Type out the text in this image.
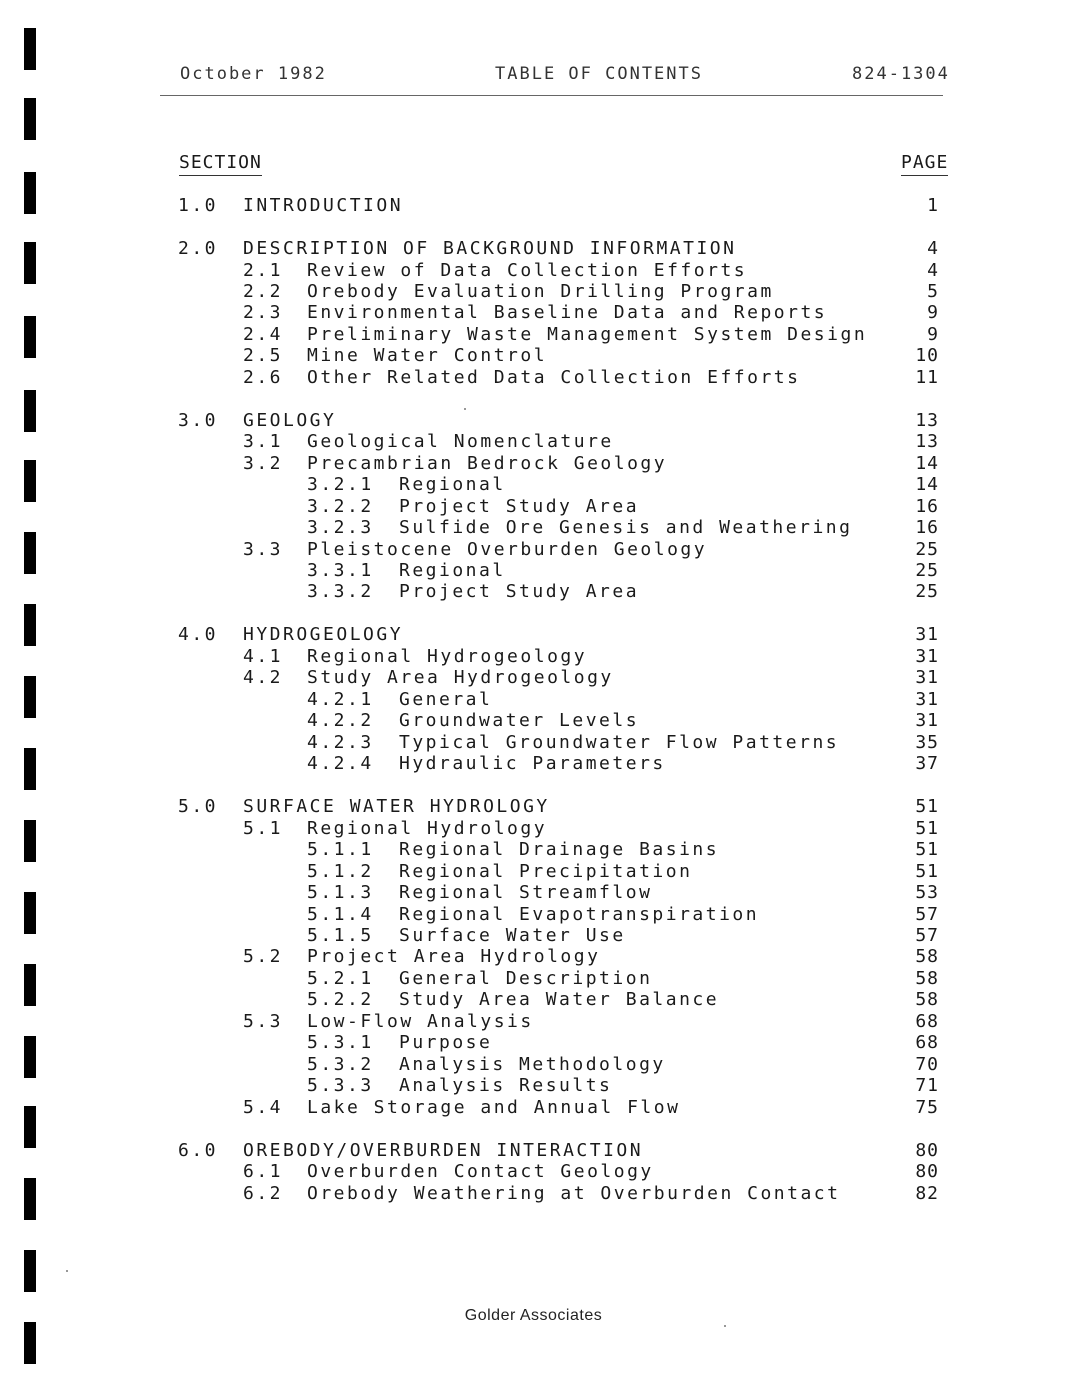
October 1982	TABLE OF CONTENTS	824-1304
SECTION	PAGE
1.0 INTRODUCTION	1
2.0 DESCRIPTION OF BACKGROUND INFORMATION	4
2.1 Review of Data Collection Efforts	4
2.2 Orebody Evaluation Drilling Program	5
2.3 Environmental Baseline Data and Reports	9
2.4 Preliminary Waste Management System Design	9
2.5 Mine Water Control	10
2.6 Other Related Data Collection Efforts	11
3.0 GEOLOGY	13
3.1 Geological Nomenclature	13
3.2 Precambrian Bedrock Geology	14
3.2.1 Regional	14
3.2.2 Project Study Area	16
3.2.3 Sulfide Ore Genesis and Weathering	16
3.3 Pleistocene Overburden Geology	25
3.3.1 Regional	25
3.3.2 Project Study Area	25
4.0 HYDROGEOLOGY	31
4.1 Regional Hydrogeology	31
4.2 Study Area Hydrogeology	31
4.2.1 General	31
4.2.2 Groundwater Levels	31
4.2.3 Typical Groundwater Flow Patterns	35
4.2.4 Hydraulic Parameters	37
5.0 SURFACE WATER HYDROLOGY	51
5.1 Regional Hydrology	51
5.1.1 Regional Drainage Basins	51
5.1.2 Regional Precipitation	51
5.1.3 Regional Streamflow	53
5.1.4 Regional Evapotranspiration	57
5.1.5 Surface Water Use	57
5.2 Project Area Hydrology	58
5.2.1 General Description	58
5.2.2 Study Area Water Balance	58
5.3 Low-Flow Analysis	68
5.3.1 Purpose	68
5.3.2 Analysis Methodology	70
5.3.3 Analysis Results	71
5.4 Lake Storage and Annual Flow	75
6.0 OREBODY/OVERBURDEN INTERACTION	80
6.1 Overburden Contact Geology	80
6.2 Orebody Weathering at Overburden Contact	82
Golder Associates
